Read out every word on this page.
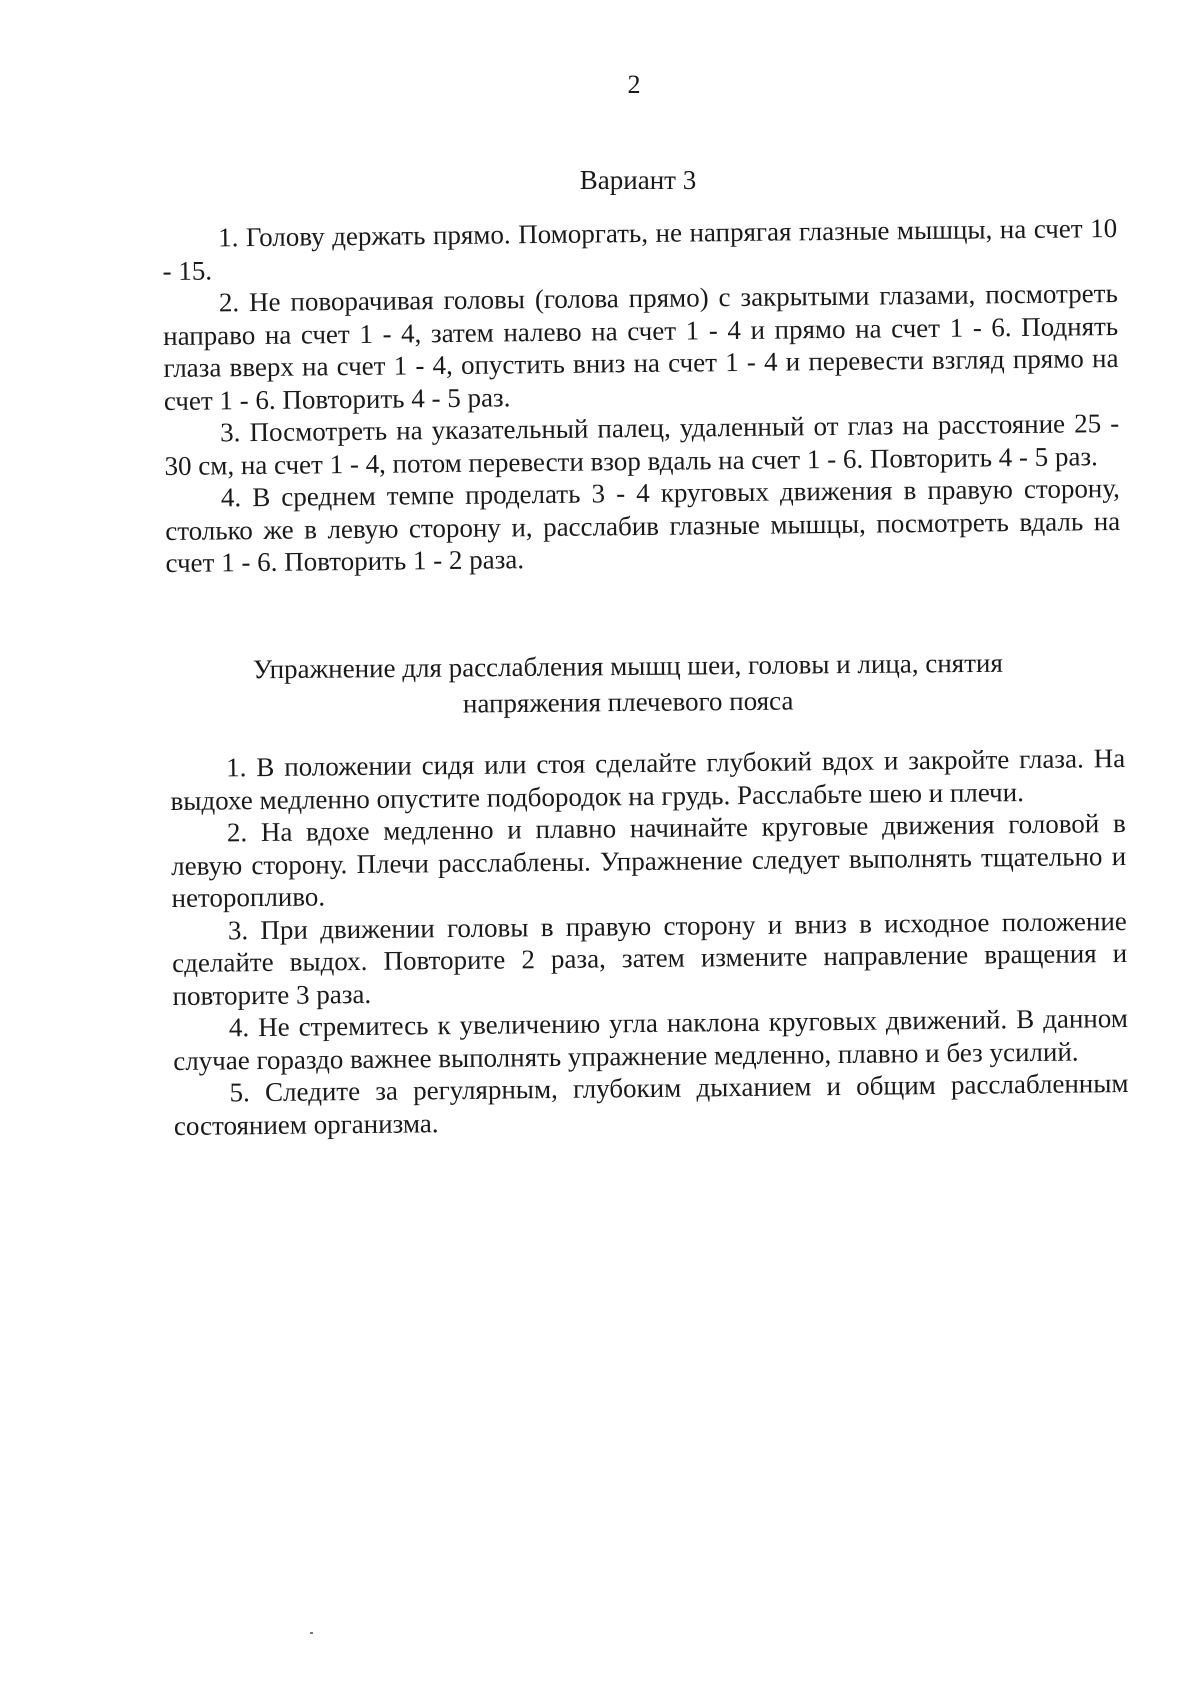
2
Вариант 3

1. Голову держать прямо. Поморгать, не напрягая глазные мышцы, на счет 10 - 15.

2. Не поворачивая головы (голова прямо) с закрытыми глазами, посмотреть направо на счет 1 - 4, затем налево на счет 1 - 4 и прямо на счет 1 - 6. Поднять глаза вверх на счет 1 - 4, опустить вниз на счет 1 - 4 и перевести взгляд прямо на счет 1 - 6. Повторить 4 - 5 раз.

3. Посмотреть на указательный палец, удаленный от глаз на расстояние 25 - 30 см, на счет 1 - 4, потом перевести взор вдаль на счет 1 - 6. Повторить 4 - 5 раз.

4. В среднем темпе проделать 3 - 4 круговых движения в правую сторону, столько же в левую сторону и, расслабив глазные мышцы, посмотреть вдаль на счет 1 - 6. Повторить 1 - 2 раза.

Упражнение для расслабления мышц шеи, головы и лица, снятия
напряжения плечевого пояса

1. В положении сидя или стоя сделайте глубокий вдох и закройте глаза. На выдохе медленно опустите подбородок на грудь. Расслабьте шею и плечи.

2. На вдохе медленно и плавно начинайте круговые движения головой в левую сторону. Плечи расслаблены. Упражнение следует выполнять тщательно и неторопливо.

3. При движении головы в правую сторону и вниз в исходное положение сделайте выдох. Повторите 2 раза, затем измените направление вращения и повторите 3 раза.

4. Не стремитесь к увеличению угла наклона круговых движений. В данном случае гораздо важнее выполнять упражнение медленно, плавно и без усилий.

5. Следите за регулярным, глубоким дыханием и общим расслабленным состоянием организма.
